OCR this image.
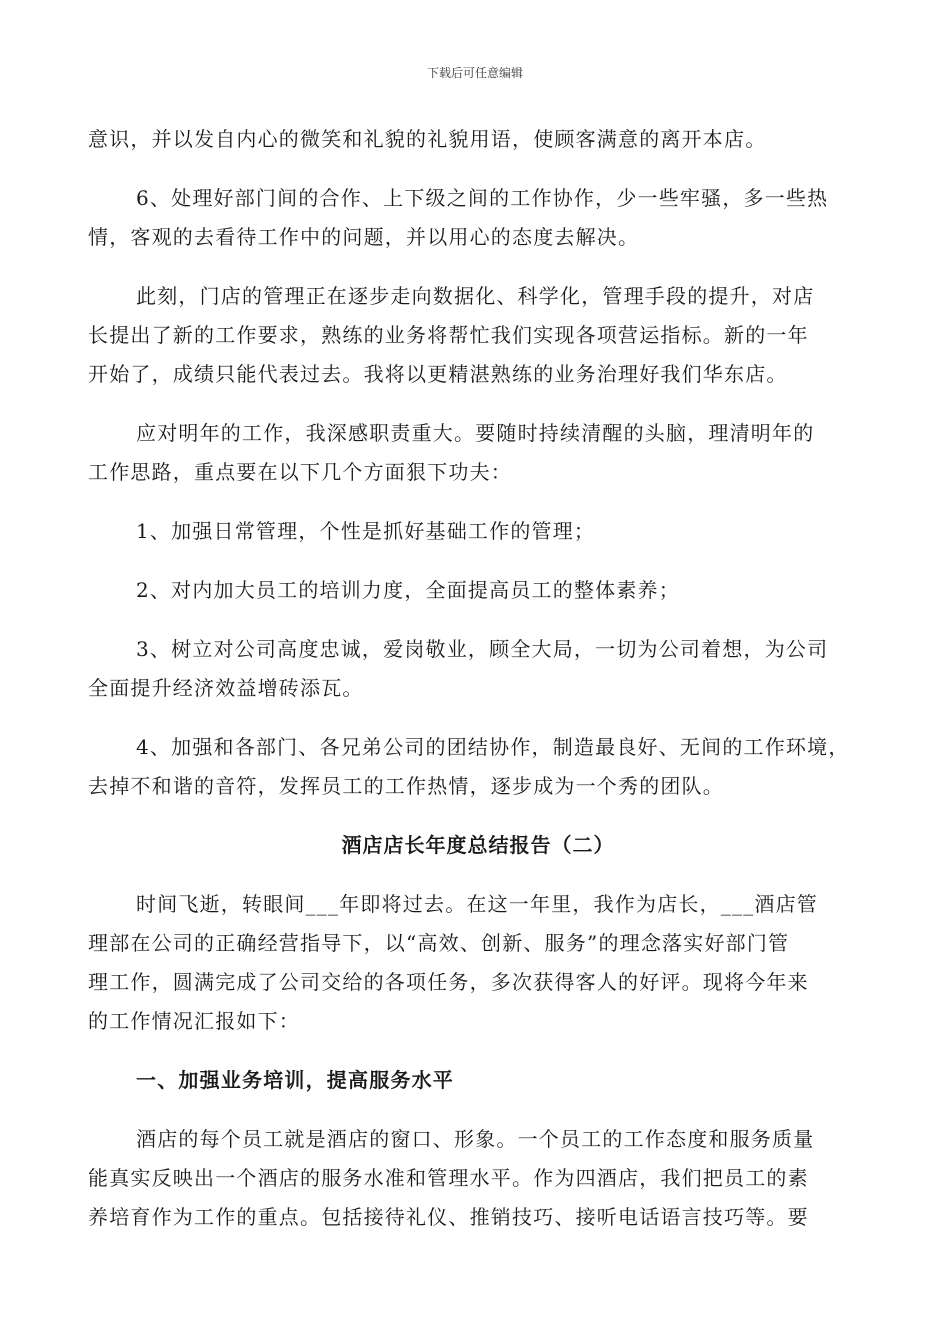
下载后可任意编辑

意识，并以发自内心的微笑和礼貌的礼貌用语，使顾客满意的离开本店。

6、处理好部门间的合作、上下级之间的工作协作，少一些牢骚，多一些热
情，客观的去看待工作中的问题，并以用心的态度去解决。

此刻，门店的管理正在逐步走向数据化、科学化，管理手段的提升，对店
长提出了新的工作要求，熟练的业务将帮忙我们实现各项营运指标。新的一年
开始了，成绩只能代表过去。我将以更精湛熟练的业务治理好我们华东店。

应对明年的工作，我深感职责重大。要随时持续清醒的头脑，理清明年的
工作思路，重点要在以下几个方面狠下功夫：

1、加强日常管理，个性是抓好基础工作的管理；

2、对内加大员工的培训力度，全面提高员工的整体素养；

3、树立对公司高度忠诚，爱岗敬业，顾全大局，一切为公司着想，为公司
全面提升经济效益增砖添瓦。

4、加强和各部门、各兄弟公司的团结协作，制造最良好、无间的工作环境，
去掉不和谐的音符，发挥员工的工作热情，逐步成为一个秀的团队。

酒店店长年度总结报告（二）

时间飞逝，转眼间___年即将过去。在这一年里，我作为店长，___酒店管
理部在公司的正确经营指导下，以“高效、创新、服务”的理念落实好部门管
理工作，圆满完成了公司交给的各项任务，多次获得客人的好评。现将今年来
的工作情况汇报如下：

一、加强业务培训，提高服务水平

酒店的每个员工就是酒店的窗口、形象。一个员工的工作态度和服务质量
能真实反映出一个酒店的服务水准和管理水平。作为四酒店，我们把员工的素
养培育作为工作的重点。包括接待礼仪、推销技巧、接听电话语言技巧等。要
